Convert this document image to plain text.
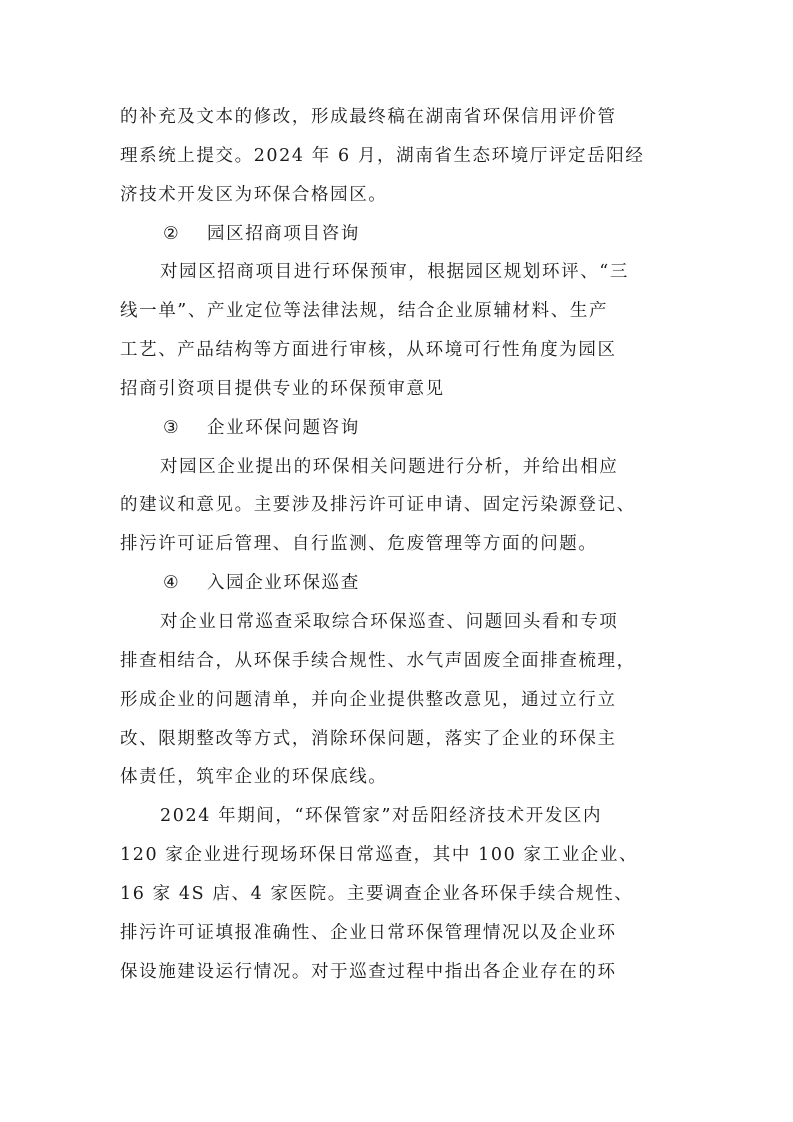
的补充及文本的修改，形成最终稿在湖南省环保信用评价管
理系统上提交。2024 年 6 月，湖南省生态环境厅评定岳阳经
济技术开发区为环保合格园区。
② 园区招商项目咨询
对园区招商项目进行环保预审，根据园区规划环评、“三
线一单”、产业定位等法律法规，结合企业原辅材料、生产
工艺、产品结构等方面进行审核，从环境可行性角度为园区
招商引资项目提供专业的环保预审意见
③ 企业环保问题咨询
对园区企业提出的环保相关问题进行分析，并给出相应
的建议和意见。主要涉及排污许可证申请、固定污染源登记、
排污许可证后管理、自行监测、危废管理等方面的问题。
④ 入园企业环保巡查
对企业日常巡查采取综合环保巡查、问题回头看和专项
排查相结合，从环保手续合规性、水气声固废全面排查梳理，
形成企业的问题清单，并向企业提供整改意见，通过立行立
改、限期整改等方式，消除环保问题，落实了企业的环保主
体责任，筑牢企业的环保底线。
2024 年期间，“环保管家”对岳阳经济技术开发区内
120 家企业进行现场环保日常巡查，其中 100 家工业企业、
16 家 4S 店、4 家医院。主要调查企业各环保手续合规性、
排污许可证填报准确性、企业日常环保管理情况以及企业环
保设施建设运行情况。对于巡查过程中指出各企业存在的环
